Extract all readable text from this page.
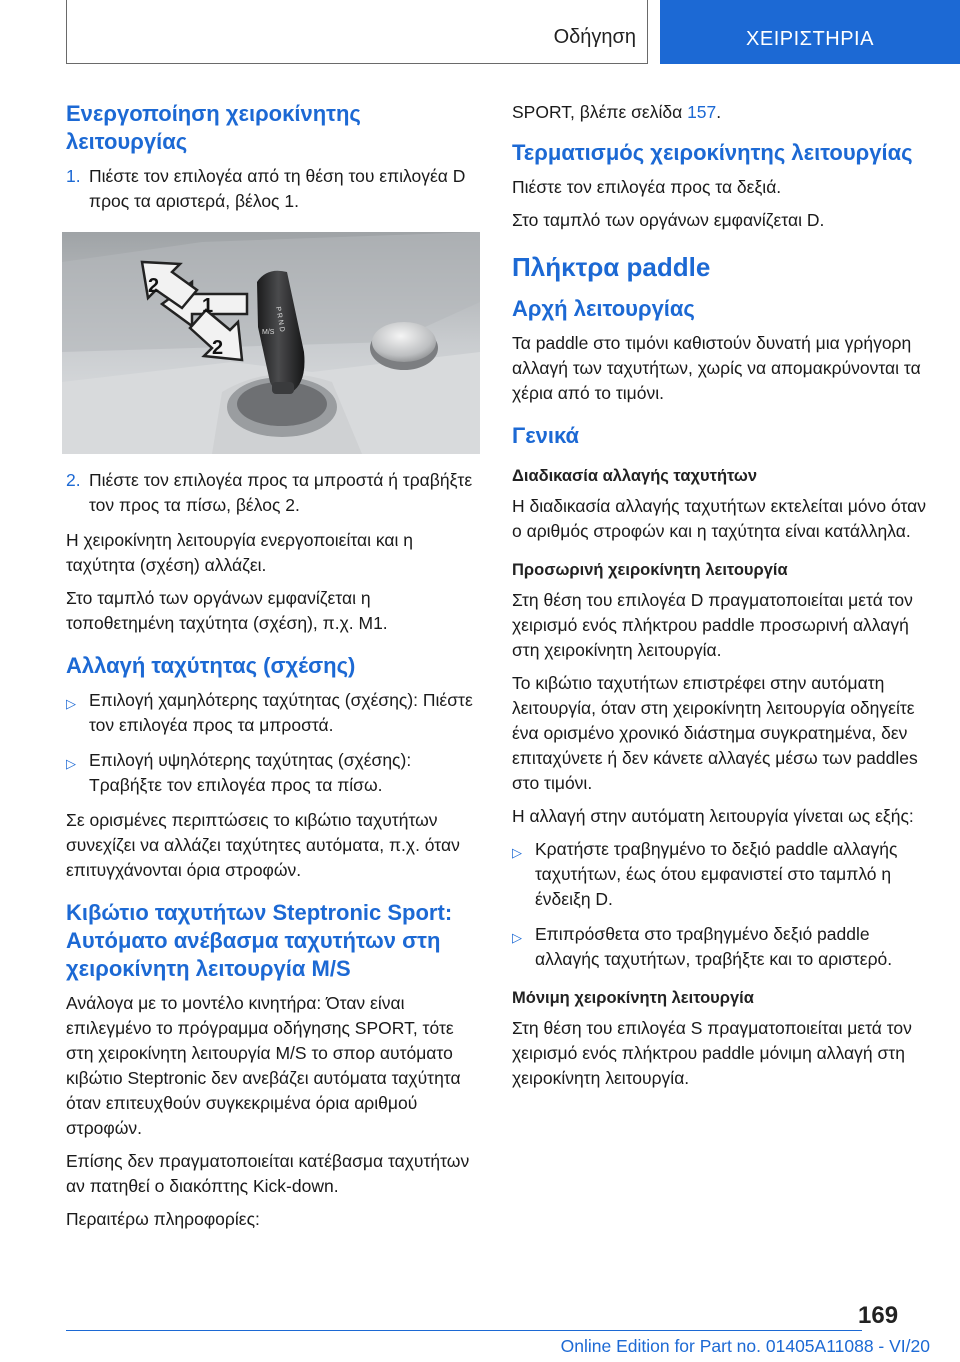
Οδήγηση	ΧΕΙΡΙΣΤΗΡΙΑ
Ενεργοποίηση χειροκίνητης λειτουργίας
1. Πιέστε τον επιλογέα από τη θέση του επιλογέα D προς τα αριστερά, βέλος 1.
P R N D
M/S
1
2
2
2. Πιέστε τον επιλογέα προς τα μπροστά ή τραβήξτε τον προς τα πίσω, βέλος 2.

Η χειροκίνητη λειτουργία ενεργοποιείται και η ταχύτητα (σχέση) αλλάζει.

Στο ταμπλό των οργάνων εμφανίζεται η τοποθετημένη ταχύτητα (σχέση), π.χ. M1.

Αλλαγή ταχύτητας (σχέσης)
▷ Επιλογή χαμηλότερης ταχύτητας (σχέσης): Πιέστε τον επιλογέα προς τα μπροστά.
▷ Επιλογή υψηλότερης ταχύτητας (σχέσης): Τραβήξτε τον επιλογέα προς τα πίσω.

Σε ορισμένες περιπτώσεις το κιβώτιο ταχυτήτων συνεχίζει να αλλάζει ταχύτητες αυτόματα, π.χ. όταν επιτυγχάνονται όρια στροφών.

Κιβώτιο ταχυτήτων Steptronic Sport: Αυτόματο ανέβασμα ταχυτήτων στη χειροκίνητη λειτουργία M/S

Ανάλογα με το μοντέλο κινητήρα: Όταν είναι επιλεγμένο το πρόγραμμα οδήγησης SPORT, τότε στη χειροκίνητη λειτουργία M/S το σπορ αυτόματο κιβώτιο Steptronic δεν ανεβάζει αυτόματα ταχύτητα όταν επιτευχθούν συγκεκριμένα όρια αριθμού στροφών.

Επίσης δεν πραγματοποιείται κατέβασμα ταχυτήτων αν πατηθεί ο διακόπτης Kick-down.

Περαιτέρω πληροφορίες:

SPORT, βλέπε σελίδα 157.

Τερματισμός χειροκίνητης λειτουργίας

Πιέστε τον επιλογέα προς τα δεξιά.

Στο ταμπλό των οργάνων εμφανίζεται D.

Πλήκτρα paddle
Αρχή λειτουργίας

Τα paddle στο τιμόνι καθιστούν δυνατή μια γρήγορη αλλαγή των ταχυτήτων, χωρίς να απομακρύνονται τα χέρια από το τιμόνι.

Γενικά
Διαδικασία αλλαγής ταχυτήτων

Η διαδικασία αλλαγής ταχυτήτων εκτελείται μόνο όταν ο αριθμός στροφών και η ταχύτητα είναι κατάλληλα.

Προσωρινή χειροκίνητη λειτουργία

Στη θέση του επιλογέα D πραγματοποιείται μετά τον χειρισμό ενός πλήκτρου paddle προσωρινή αλλαγή στη χειροκίνητη λειτουργία.

Το κιβώτιο ταχυτήτων επιστρέφει στην αυτόματη λειτουργία, όταν στη χειροκίνητη λειτουργία οδηγείτε ένα ορισμένο χρονικό διάστημα συγκρατημένα, δεν επιταχύνετε ή δεν κάνετε αλλαγές μέσω των paddles στο τιμόνι.

Η αλλαγή στην αυτόματη λειτουργία γίνεται ως εξής:

▷ Κρατήστε τραβηγμένο το δεξιό paddle αλλαγής ταχυτήτων, έως ότου εμφανιστεί στο ταμπλό η ένδειξη D.
▷ Επιπρόσθετα στο τραβηγμένο δεξιό paddle αλλαγής ταχυτήτων, τραβήξτε και το αριστερό.
Μόνιμη χειροκίνητη λειτουργία

Στη θέση του επιλογέα S πραγματοποιείται μετά τον χειρισμό ενός πλήκτρου paddle μόνιμη αλλαγή στη χειροκίνητη λειτουργία.

169
Online Edition for Part no. 01405A11088 - VI/20
